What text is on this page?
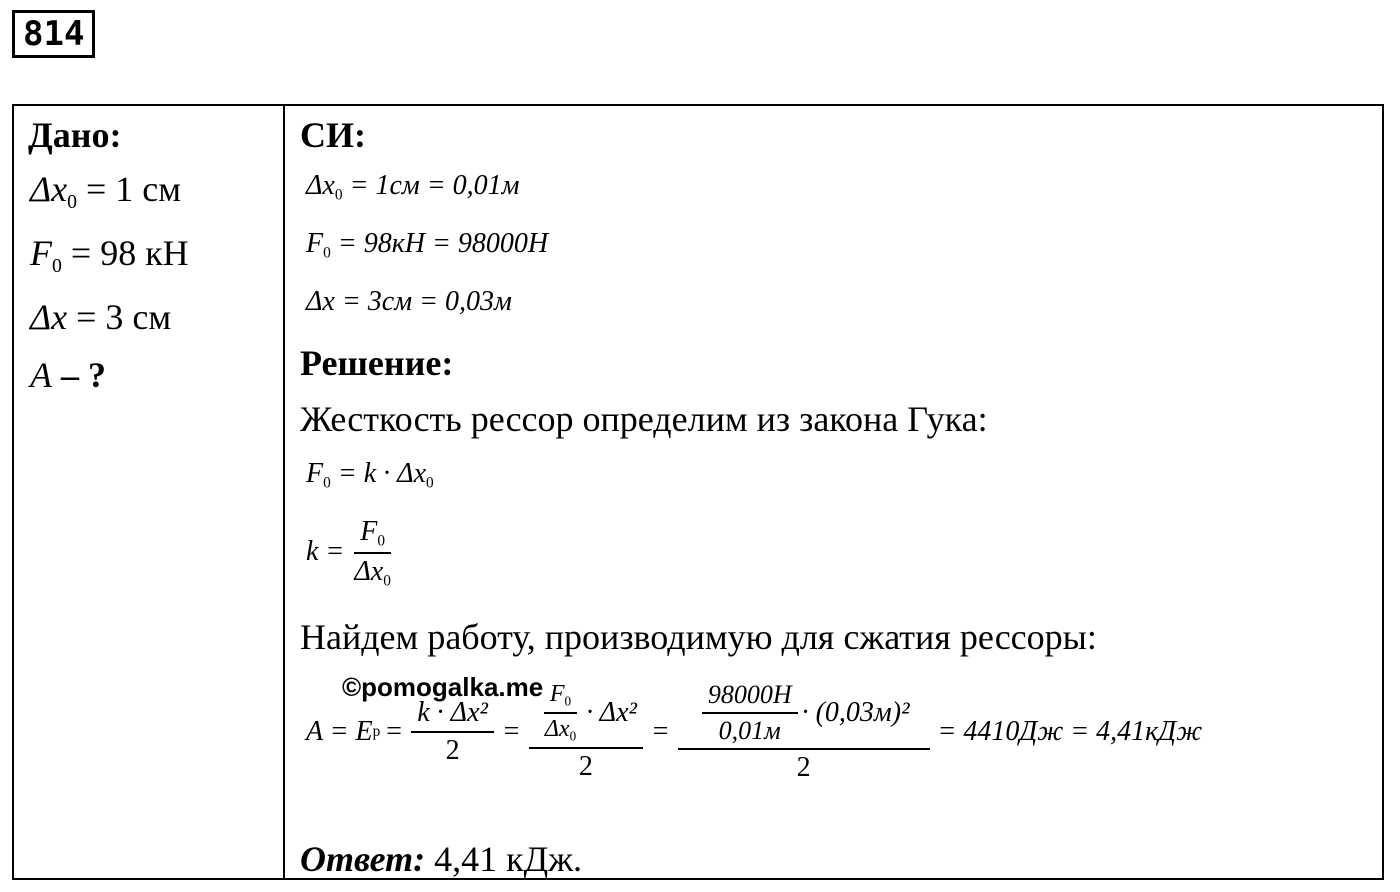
814
Дано:
$\Delta x_0 = 1$ см
$F_0 = 98$ кН
Δx = 3 см
A – ?
СИ:
$\Delta x_0 = 1см = 0,01м$
$F_0 = 98кН = 98000Н$
Δx = 3см = 0,03м
Решение:
Жесткость рессор определим из закона Гука:
$F_0 = k \cdot \Delta x_0$
$k = \frac{F_0}{\Delta x_0}$
Найдем работу, производимую для сжатия рессоры:
©pomogalka.me
A = E $p = \frac{\text{k · Δx²}}{2} = \frac{\frac{F_0}{\Delta x_0} \cdot \Delta x^2}{2} = \frac{\frac{98000Н}{0,01м} \cdot (0,03м)^2}{2} = 4410Дж = 4,41кДж$
Ответ: 4,41 кДж.
